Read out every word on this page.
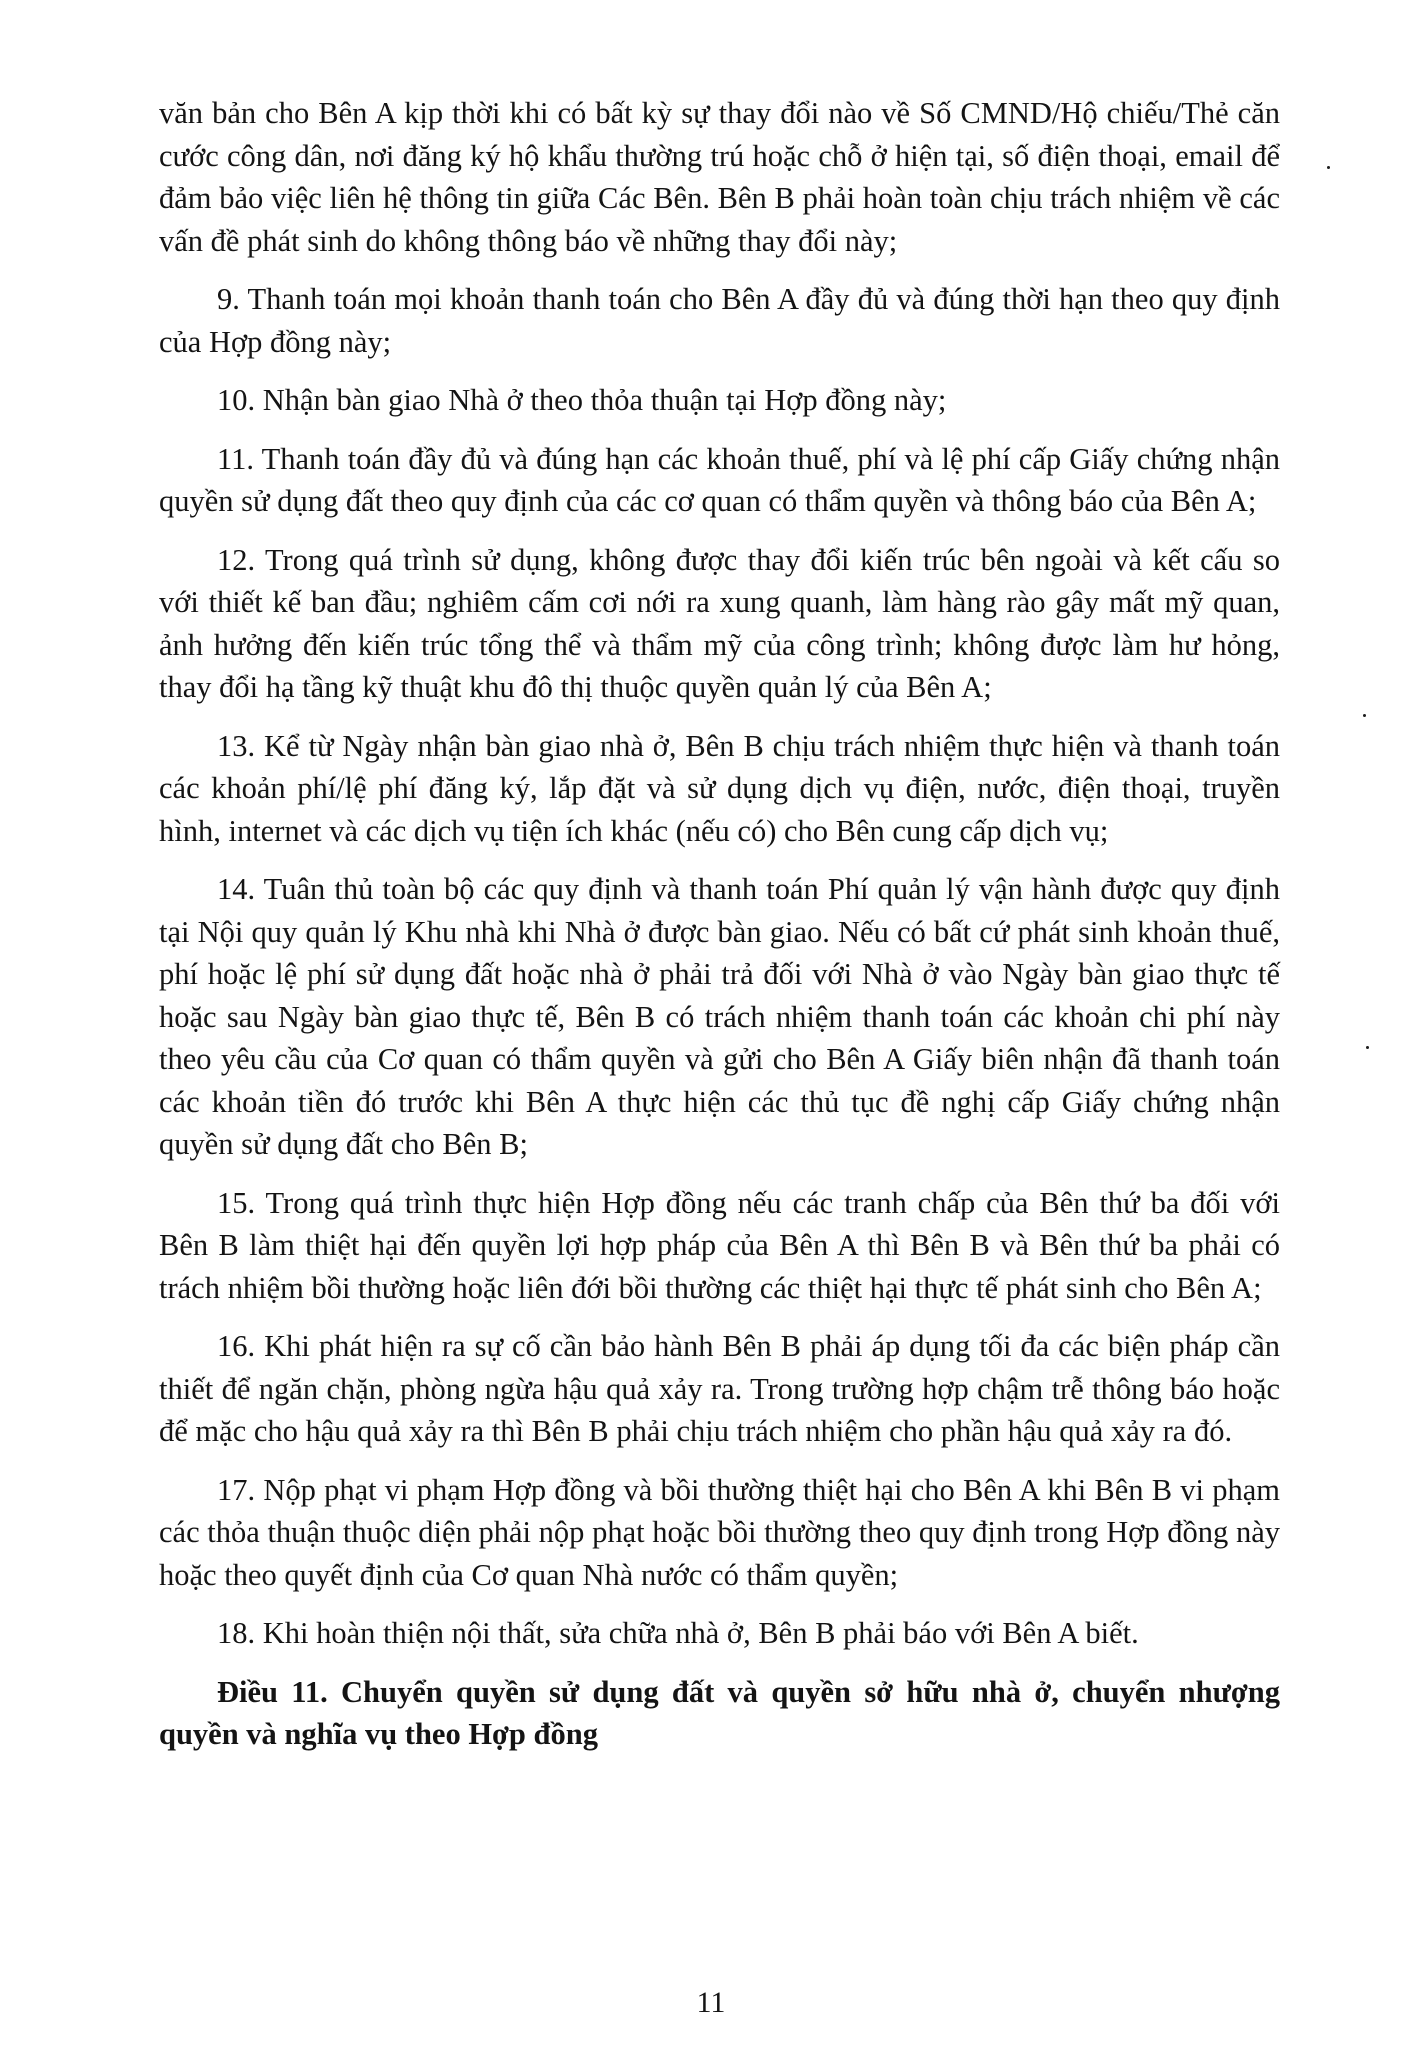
văn bản cho Bên A kịp thời khi có bất kỳ sự thay đổi nào về Số CMND/Hộ chiếu/Thẻ căn cước công dân, nơi đăng ký hộ khẩu thường trú hoặc chỗ ở hiện tại, số điện thoại, email để đảm bảo việc liên hệ thông tin giữa Các Bên. Bên B phải hoàn toàn chịu trách nhiệm về các vấn đề phát sinh do không thông báo về những thay đổi này;

9. Thanh toán mọi khoản thanh toán cho Bên A đầy đủ và đúng thời hạn theo quy định của Hợp đồng này;

10. Nhận bàn giao Nhà ở theo thỏa thuận tại Hợp đồng này;

11. Thanh toán đầy đủ và đúng hạn các khoản thuế, phí và lệ phí cấp Giấy chứng nhận quyền sử dụng đất theo quy định của các cơ quan có thẩm quyền và thông báo của Bên A;

12. Trong quá trình sử dụng, không được thay đổi kiến trúc bên ngoài và kết cấu so với thiết kế ban đầu; nghiêm cấm cơi nới ra xung quanh, làm hàng rào gây mất mỹ quan, ảnh hưởng đến kiến trúc tổng thể và thẩm mỹ của công trình; không được làm hư hỏng, thay đổi hạ tầng kỹ thuật khu đô thị thuộc quyền quản lý của Bên A;

13. Kể từ Ngày nhận bàn giao nhà ở, Bên B chịu trách nhiệm thực hiện và thanh toán các khoản phí/lệ phí đăng ký, lắp đặt và sử dụng dịch vụ điện, nước, điện thoại, truyền hình, internet và các dịch vụ tiện ích khác (nếu có) cho Bên cung cấp dịch vụ;

14. Tuân thủ toàn bộ các quy định và thanh toán Phí quản lý vận hành được quy định tại Nội quy quản lý Khu nhà khi Nhà ở được bàn giao. Nếu có bất cứ phát sinh khoản thuế, phí hoặc lệ phí sử dụng đất hoặc nhà ở phải trả đối với Nhà ở vào Ngày bàn giao thực tế hoặc sau Ngày bàn giao thực tế, Bên B có trách nhiệm thanh toán các khoản chi phí này theo yêu cầu của Cơ quan có thẩm quyền và gửi cho Bên A Giấy biên nhận đã thanh toán các khoản tiền đó trước khi Bên A thực hiện các thủ tục đề nghị cấp Giấy chứng nhận quyền sử dụng đất cho Bên B;

15. Trong quá trình thực hiện Hợp đồng nếu các tranh chấp của Bên thứ ba đối với Bên B làm thiệt hại đến quyền lợi hợp pháp của Bên A thì Bên B và Bên thứ ba phải có trách nhiệm bồi thường hoặc liên đới bồi thường các thiệt hại thực tế phát sinh cho Bên A;

16. Khi phát hiện ra sự cố cần bảo hành Bên B phải áp dụng tối đa các biện pháp cần thiết để ngăn chặn, phòng ngừa hậu quả xảy ra. Trong trường hợp chậm trễ thông báo hoặc để mặc cho hậu quả xảy ra thì Bên B phải chịu trách nhiệm cho phần hậu quả xảy ra đó.

17. Nộp phạt vi phạm Hợp đồng và bồi thường thiệt hại cho Bên A khi Bên B vi phạm các thỏa thuận thuộc diện phải nộp phạt hoặc bồi thường theo quy định trong Hợp đồng này hoặc theo quyết định của Cơ quan Nhà nước có thẩm quyền;

18. Khi hoàn thiện nội thất, sửa chữa nhà ở, Bên B phải báo với Bên A biết.

Điều 11. Chuyển quyền sử dụng đất và quyền sở hữu nhà ở, chuyển nhượng quyền và nghĩa vụ theo Hợp đồng

11
